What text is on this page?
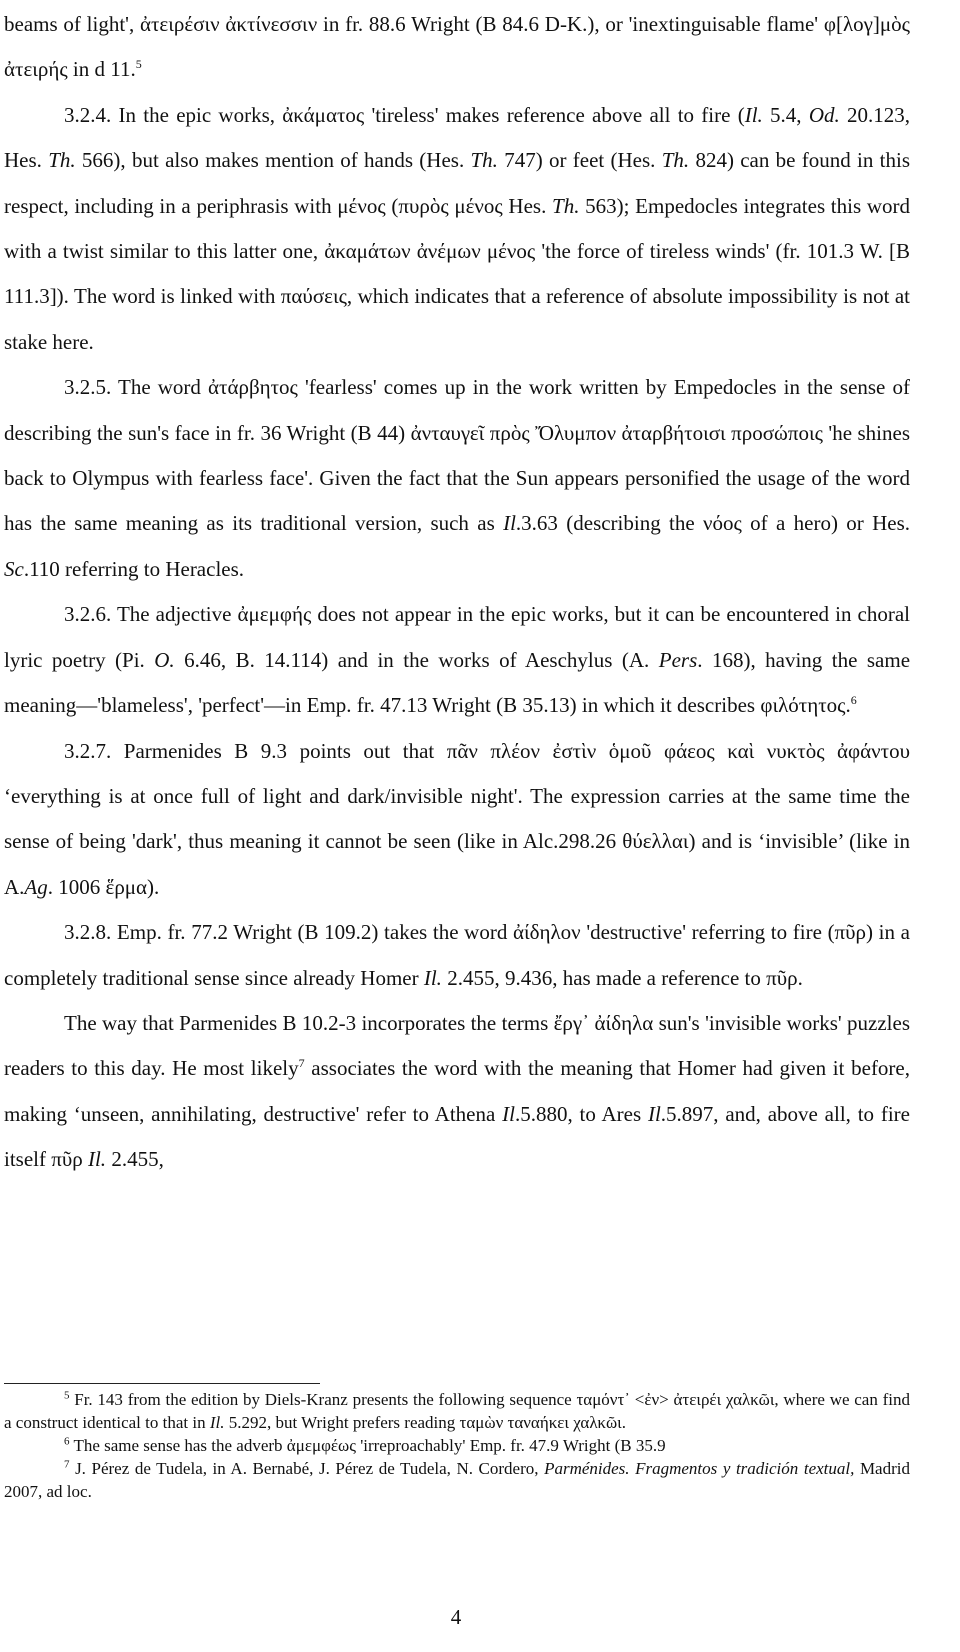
beams of light', ἀτειρέσιν ἀκτίνεσσιν in fr. 88.6 Wright (B 84.6 D-K.), or 'inextinguisable flame' φ[λογ]μὸς ἀτειρής in d 11.$^5$

3.2.4. In the epic works, ἀκάματος 'tireless' makes reference above all to fire (Il. 5.4, Od. 20.123, Hes. Th. 566), but also makes mention of hands (Hes. Th. 747) or feet (Hes. Th. 824) can be found in this respect, including in a periphrasis with μένος (πυρὸς μένος Hes. Th. 563); Empedocles integrates this word with a twist similar to this latter one, ἀκαμάτων ἀνέμων μένος 'the force of tireless winds' (fr. 101.3 W. [B 111.3]). The word is linked with παύσεις, which indicates that a reference of absolute impossibility is not at stake here.

3.2.5. The word ἀτάρβητος 'fearless' comes up in the work written by Empedocles in the sense of describing the sun's face in fr. 36 Wright (B 44) ἀνταυγεῖ πρὸς Ὄλυμπον ἀταρβήτοισι προσώποις 'he shines back to Olympus with fearless face'. Given the fact that the Sun appears personified the usage of the word has the same meaning as its traditional version, such as Il.3.63 (describing the νόος of a hero) or Hes. Sc.110 referring to Heracles.

3.2.6. The adjective ἀμεμφής does not appear in the epic works, but it can be encountered in choral lyric poetry (Pi. O. 6.46, B. 14.114) and in the works of Aeschylus (A. Pers. 168), having the same meaning—'blameless', 'perfect'—in Emp. fr. 47.13 Wright (B 35.13) in which it describes φιλότητος.$^6$

3.2.7. Parmenides B 9.3 points out that πᾶν πλέον ἐστὶν ὁμοῦ φάεος καὶ νυκτὸς ἀφάντου ‘everything is at once full of light and dark/invisible night'. The expression carries at the same time the sense of being 'dark', thus meaning it cannot be seen (like in Alc.298.26 θύελλαι) and is ‘invisible’ (like in A.Ag. 1006 ἕρμα).

3.2.8. Emp. fr. 77.2 Wright (B 109.2) takes the word ἀίδηλον 'destructive' referring to fire (πῦρ) in a completely traditional sense since already Homer Il. 2.455, 9.436, has made a reference to πῦρ.

The way that Parmenides B 10.2-3 incorporates the terms ἔργ᾽ ἀίδηλα sun's 'invisible works' puzzles readers to this day. He most likely$^7$ associates the word with the meaning that Homer had given it before, making ‘unseen, annihilating, destructive' refer to Athena Il.5.880, to Ares Il.5.897, and, above all, to fire itself πῦρ Il. 2.455,

$^5$ Fr. 143 from the edition by Diels-Kranz presents the following sequence ταμόντ᾽ <ἐν> ἀτειρέι χαλκῶι, where we can find a construct identical to that in Il. 5.292, but Wright prefers reading ταμὼν ταναήκει χαλκῶι.

$^6$ The same sense has the adverb ἀμεμφέως 'irreproachably' Emp. fr. 47.9 Wright (B 35.9

$^7$ J. Pérez de Tudela, in A. Bernabé, J. Pérez de Tudela, N. Cordero, Parménides. Fragmentos y tradición textual, Madrid 2007, ad loc.

4
